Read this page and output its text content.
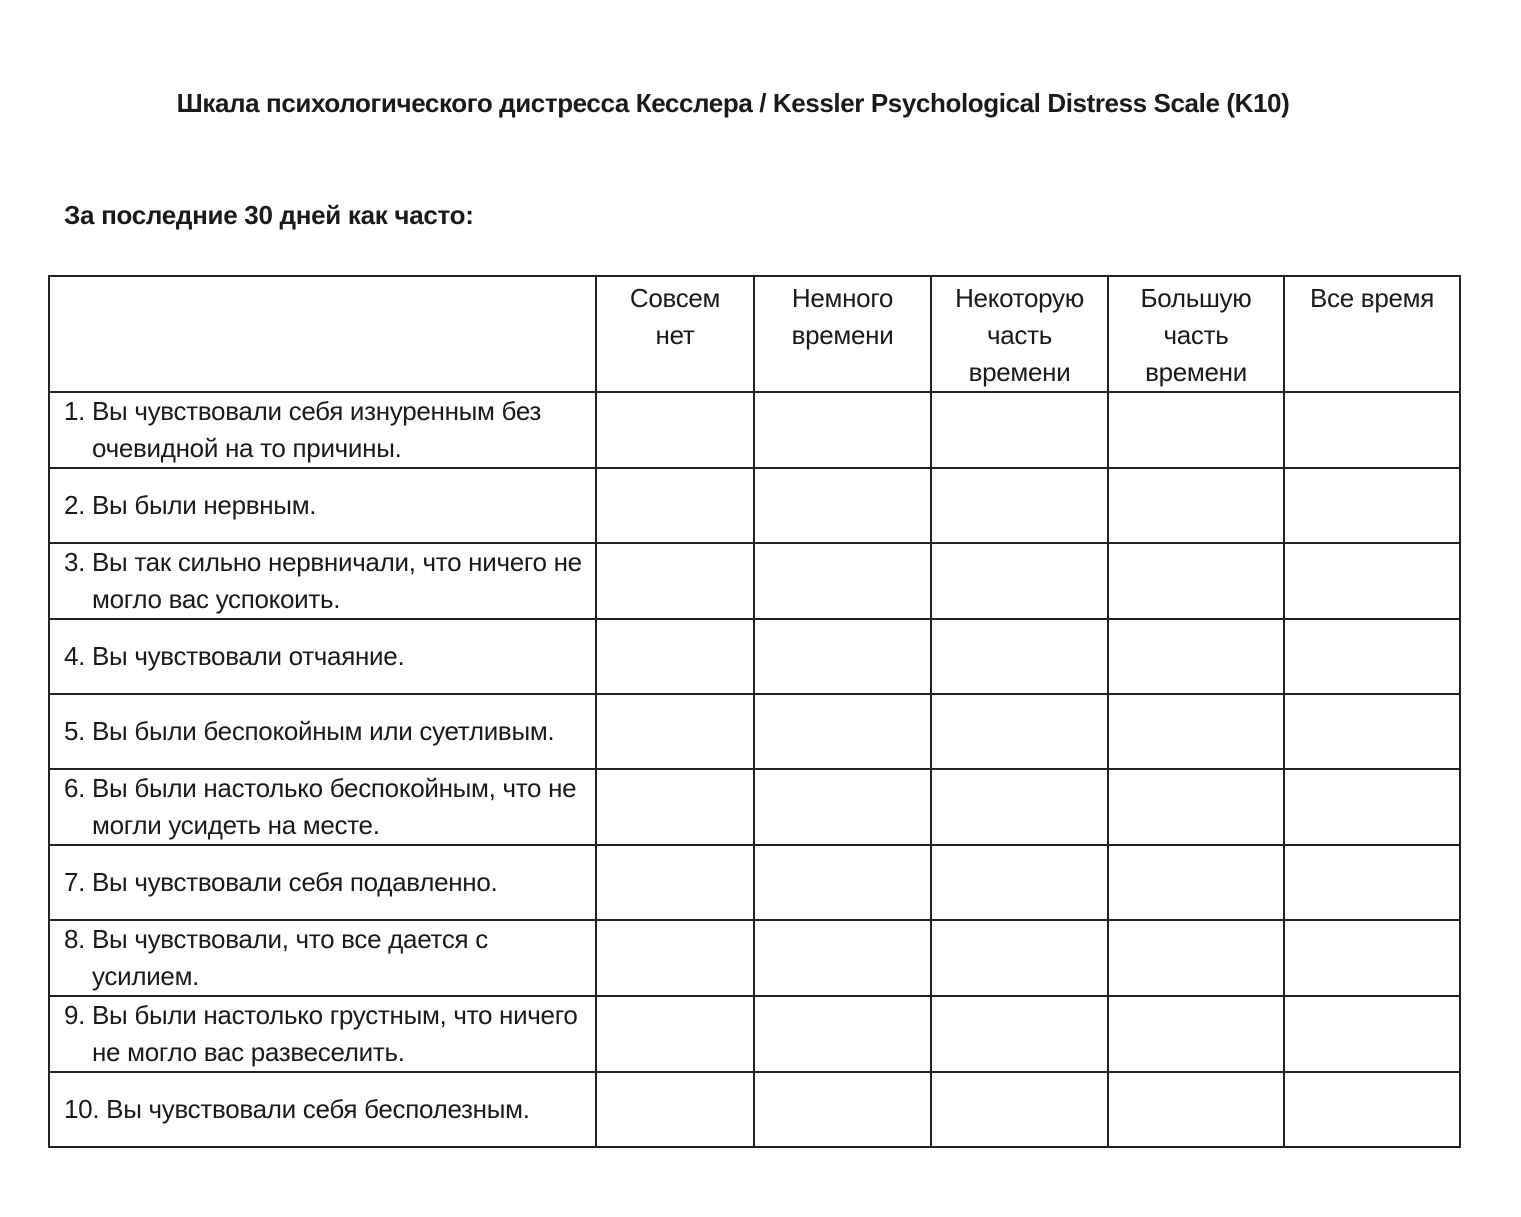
Шкала психологического дистресса Кесслера / Kessler Psychological Distress Scale (K10)
За последние 30 дней как часто:
	Совсем нет	Немного времени	Некоторую часть времени	Большую часть времени	Все время

1. Вы чувствовали себя изнуренным без очевидной на то причины.					

2. Вы были нервным.					

3. Вы так сильно нервничали, что ничего не могло вас успокоить.					

4. Вы чувствовали отчаяние.					

5. Вы были беспокойным или суетливым.					

6. Вы были настолько беспокойным, что не могли усидеть на месте.					

7. Вы чувствовали себя подавленно.					

8. Вы чувствовали, что все дается с усилием.					

9. Вы были настолько грустным, что ничего не могло вас развеселить.					

10. Вы чувствовали себя бесполезным.					
